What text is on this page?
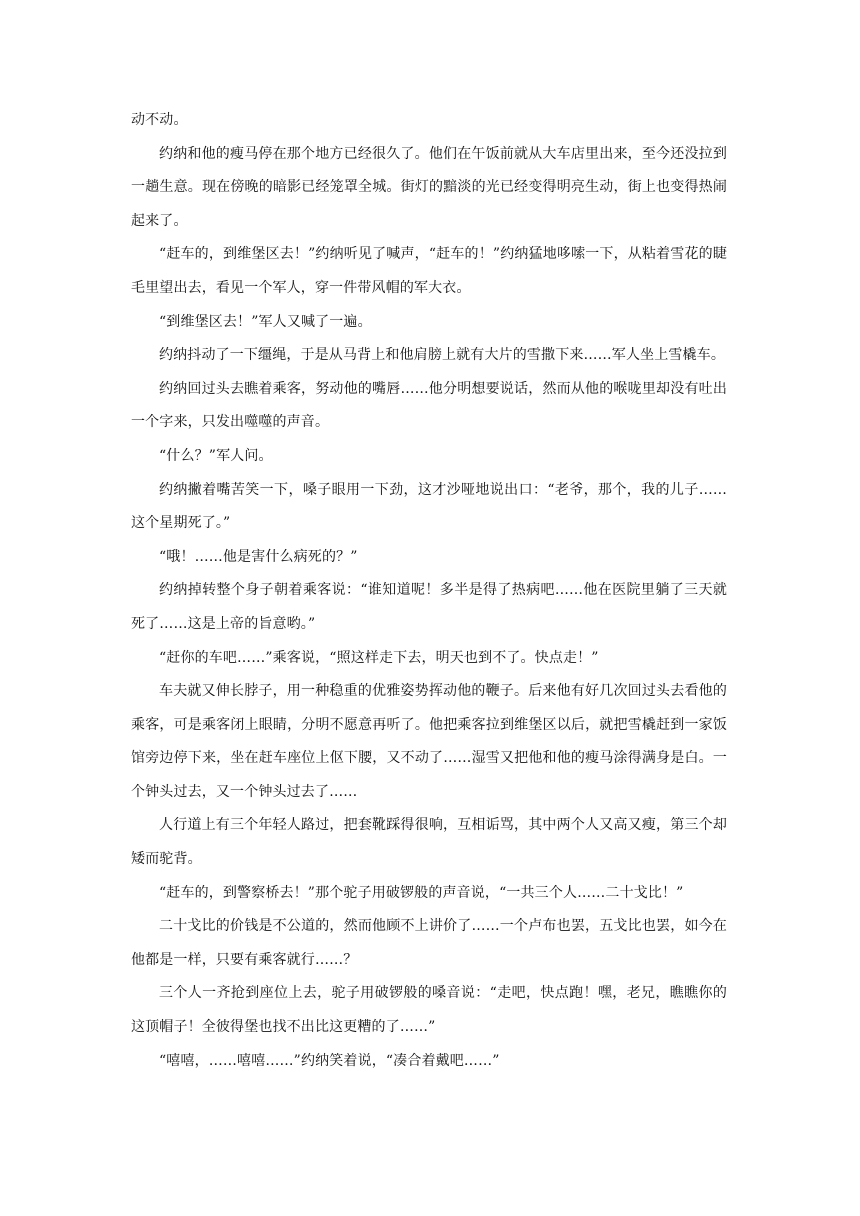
动不动。

约纳和他的瘦马停在那个地方已经很久了。他们在午饭前就从大车店里出来，至今还没拉到一趟生意。现在傍晚的暗影已经笼罩全城。街灯的黯淡的光已经变得明亮生动，街上也变得热闹起来了。

“赶车的，到维堡区去！”约纳听见了喊声，“赶车的！”约纳猛地哆嗦一下，从粘着雪花的睫毛里望出去，看见一个军人，穿一件带风帽的军大衣。

“到维堡区去！”军人又喊了一遍。

约纳抖动了一下缰绳，于是从马背上和他肩膀上就有大片的雪撒下来……军人坐上雪橇车。

约纳回过头去瞧着乘客，努动他的嘴唇……他分明想要说话，然而从他的喉咙里却没有吐出一个字来，只发出噬噬的声音。

“什么？”军人问。

约纳撇着嘴苦笑一下，嗓子眼用一下劲，这才沙哑地说出口：“老爷，那个，我的儿子……这个星期死了。”

“哦！……他是害什么病死的？”

约纳掉转整个身子朝着乘客说：“谁知道呢！多半是得了热病吧……他在医院里躺了三天就死了……这是上帝的旨意哟。”

“赶你的车吧……”乘客说，“照这样走下去，明天也到不了。快点走！”

车夫就又伸长脖子，用一种稳重的优雅姿势挥动他的鞭子。后来他有好几次回过头去看他的乘客，可是乘客闭上眼睛，分明不愿意再听了。他把乘客拉到维堡区以后，就把雪橇赶到一家饭馆旁边停下来，坐在赶车座位上伛下腰，又不动了……湿雪又把他和他的瘦马涂得满身是白。一个钟头过去，又一个钟头过去了……

人行道上有三个年轻人路过，把套靴踩得很响，互相诟骂，其中两个人又高又瘦，第三个却矮而驼背。

“赶车的，到警察桥去！”那个驼子用破锣般的声音说，“一共三个人……二十戈比！”

二十戈比的价钱是不公道的，然而他顾不上讲价了……一个卢布也罢，五戈比也罢，如今在他都是一样，只要有乘客就行……？

三个人一齐抢到座位上去，驼子用破锣般的嗓音说：“走吧，快点跑！嘿，老兄，瞧瞧你的这顶帽子！全彼得堡也找不出比这更糟的了……”

“嘻嘻，……嘻嘻……”约纳笑着说，“凑合着戴吧……”
